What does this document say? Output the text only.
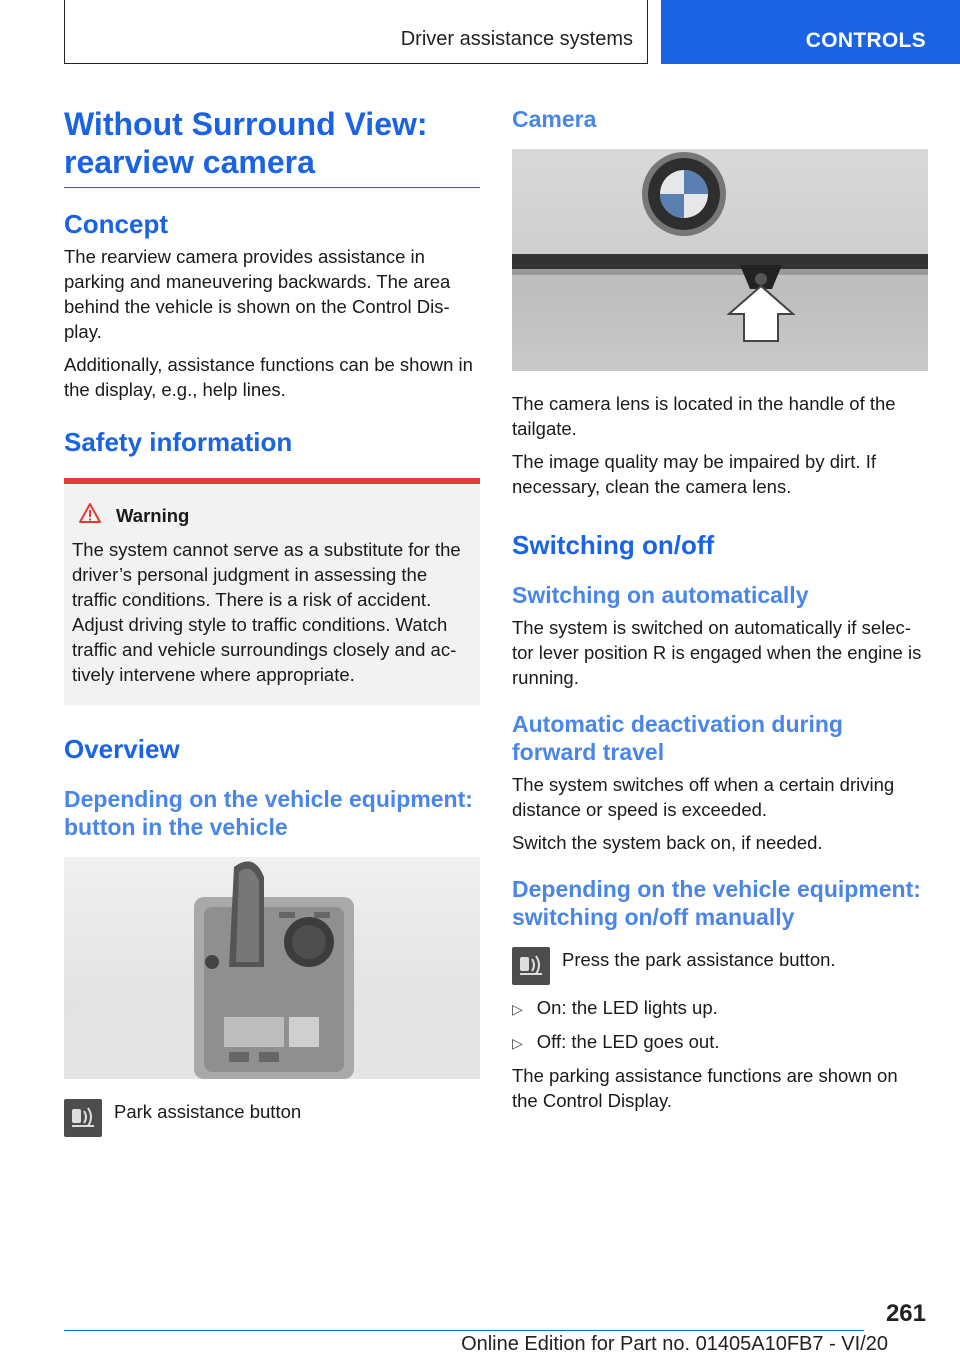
Driver assistance systems	CONTROLS
Without Surround View: rearview camera
Concept

The rearview camera provides assistance in parking and maneuvering backwards. The area behind the vehicle is shown on the Control Dis-play.

Additionally, assistance functions can be shown in the display, e.g., help lines.

Safety information
Warning

The system cannot serve as a substitute for the driver’s personal judgment in assessing the traffic conditions. There is a risk of accident. Adjust driving style to traffic conditions. Watch traffic and vehicle surroundings closely and ac-tively intervene where appropriate.

Overview
Depending on the vehicle equipment: button in the vehicle

Park assistance button

Camera

The camera lens is located in the handle of the tailgate.

The image quality may be impaired by dirt. If necessary, clean the camera lens.

Switching on/off
Switching on automatically

The system is switched on automatically if selec-tor lever position R is engaged when the engine is running.

Automatic deactivation during forward travel

The system switches off when a certain driving distance or speed is exceeded.

Switch the system back on, if needed.

Depending on the vehicle equipment: switching on/off manually

Press the park assistance button.

▷ On: the LED lights up.
▷ Off: the LED goes out.

The parking assistance functions are shown on the Control Display.

261
Online Edition for Part no. 01405A10FB7 - VI/20
